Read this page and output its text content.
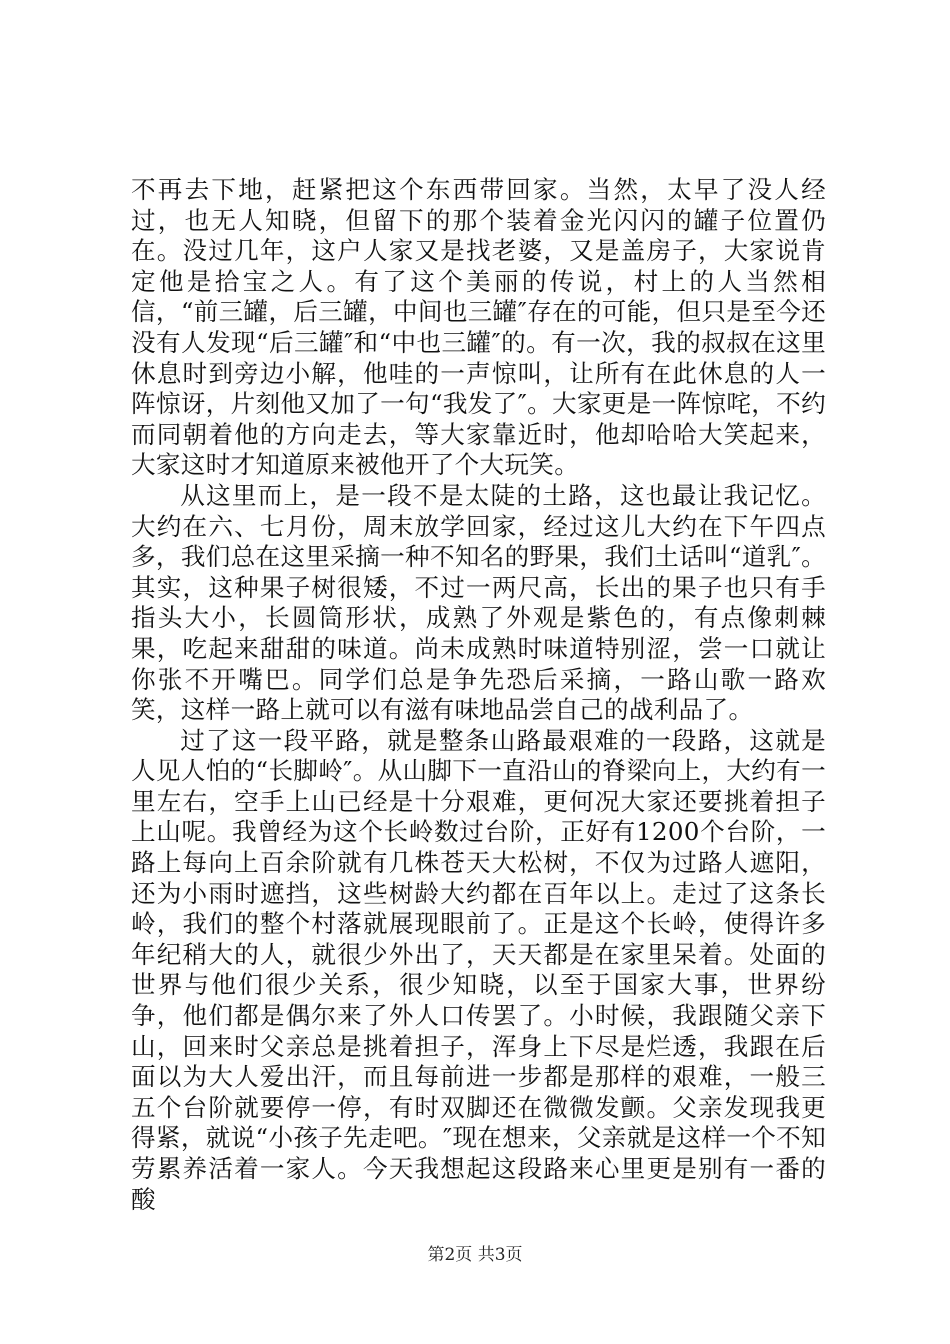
不再去下地，赶紧把这个东西带回家。当然，太早了没人经过，也无人知晓，但留下的那个装着金光闪闪的罐子位置仍在。没过几年，这户人家又是找老婆，又是盖房子，大家说肯定他是拾宝之人。有了这个美丽的传说，村上的人当然相信，“前三罐，后三罐，中间也三罐″存在的可能，但只是至今还没有人发现“后三罐″和“中也三罐″的。有一次，我的叔叔在这里休息时到旁边小解，他哇的一声惊叫，让所有在此休息的人一阵惊讶，片刻他又加了一句“我发了″。大家更是一阵惊咤，不约而同朝着他的方向走去，等大家靠近时，他却哈哈大笑起来，大家这时才知道原来被他开了个大玩笑。

从这里而上，是一段不是太陡的土路，这也最让我记忆。大约在六、七月份，周末放学回家，经过这儿大约在下午四点多，我们总在这里采摘一种不知名的野果，我们土话叫“道乳″。其实，这种果子树很矮，不过一两尺高，长出的果子也只有手指头大小，长圆筒形状，成熟了外观是紫色的，有点像刺棘果，吃起来甜甜的味道。尚未成熟时味道特别涩，尝一口就让你张不开嘴巴。同学们总是争先恐后采摘，一路山歌一路欢笑，这样一路上就可以有滋有味地品尝自己的战利品了。

过了这一段平路，就是整条山路最艰难的一段路，这就是人见人怕的“长脚岭″。从山脚下一直沿山的脊梁向上，大约有一里左右，空手上山已经是十分艰难，更何况大家还要挑着担子上山呢。我曾经为这个长岭数过台阶，正好有1200个台阶，一路上每向上百余阶就有几株苍天大松树，不仅为过路人遮阳，还为小雨时遮挡，这些树龄大约都在百年以上。走过了这条长岭，我们的整个村落就展现眼前了。正是这个长岭，使得许多年纪稍大的人，就很少外出了，天天都是在家里呆着。处面的世界与他们很少关系，很少知晓，以至于国家大事，世界纷争，他们都是偶尔来了外人口传罢了。小时候，我跟随父亲下山，回来时父亲总是挑着担子，浑身上下尽是烂透，我跟在后面以为大人爱出汗，而且每前进一步都是那样的艰难，一般三五个台阶就要停一停，有时双脚还在微微发颤。父亲发现我更得紧，就说“小孩子先走吧。″现在想来，父亲就是这样一个不知劳累养活着一家人。今天我想起这段路来心里更是别有一番的酸

第2页 共3页
